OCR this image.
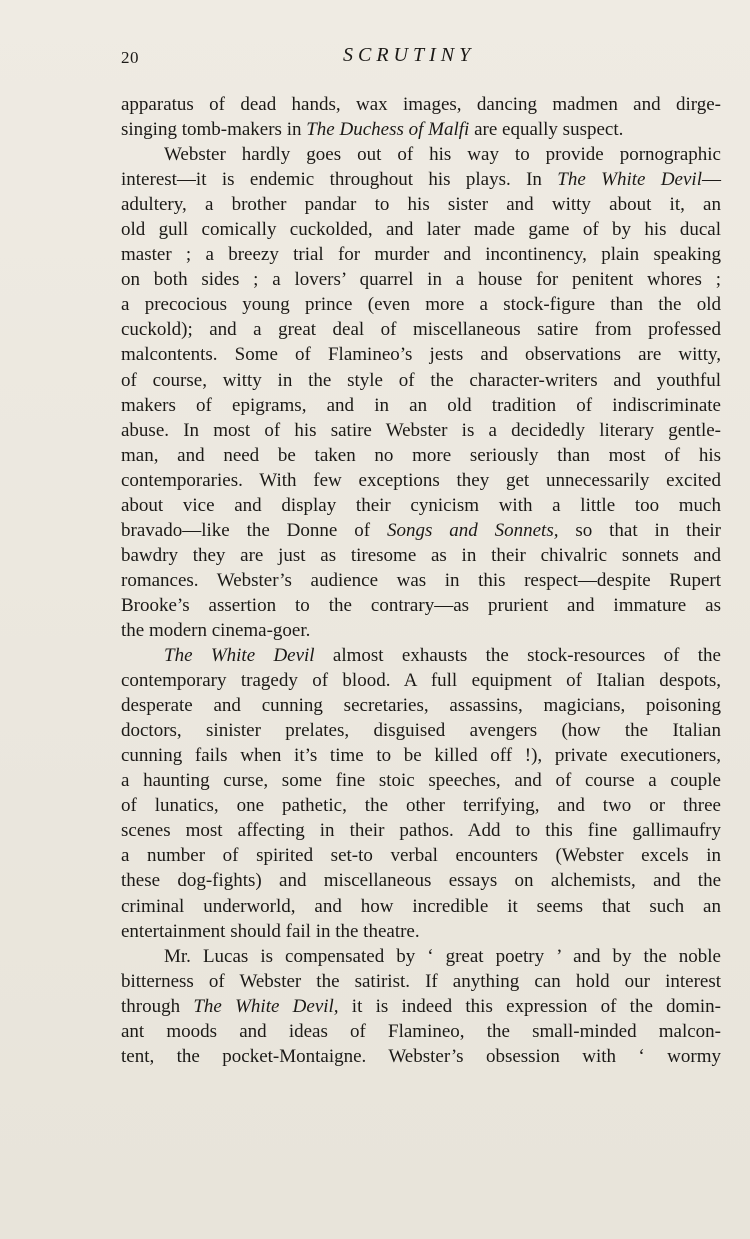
20	SCRUTINY
apparatus of dead hands, wax images, dancing madmen and dirge-
singing tomb-makers in The Duchess of Malfi are equally suspect.
Webster hardly goes out of his way to provide pornographic
interest—it is endemic throughout his plays. In The White Devil—
adultery, a brother pandar to his sister and witty about it, an
old gull comically cuckolded, and later made game of by his ducal
master ; a breezy trial for murder and incontinency, plain speaking
on both sides ; a lovers’ quarrel in a house for penitent whores ;
a precocious young prince (even more a stock-figure than the old
cuckold); and a great deal of miscellaneous satire from professed
malcontents. Some of Flamineo’s jests and observations are witty,
of course, witty in the style of the character-writers and youthful
makers of epigrams, and in an old tradition of indiscriminate
abuse. In most of his satire Webster is a decidedly literary gentle-
man, and need be taken no more seriously than most of his
contemporaries. With few exceptions they get unnecessarily excited
about vice and display their cynicism with a little too much
bravado—like the Donne of Songs and Sonnets, so that in their
bawdry they are just as tiresome as in their chivalric sonnets and
romances. Webster’s audience was in this respect—despite Rupert
Brooke’s assertion to the contrary—as prurient and immature as
the modern cinema-goer.
The White Devil almost exhausts the stock-resources of the
contemporary tragedy of blood. A full equipment of Italian despots,
desperate and cunning secretaries, assassins, magicians, poisoning
doctors, sinister prelates, disguised avengers (how the Italian
cunning fails when it’s time to be killed off !), private executioners,
a haunting curse, some fine stoic speeches, and of course a couple
of lunatics, one pathetic, the other terrifying, and two or three
scenes most affecting in their pathos. Add to this fine gallimaufry
a number of spirited set-to verbal encounters (Webster excels in
these dog-fights) and miscellaneous essays on alchemists, and the
criminal underworld, and how incredible it seems that such an
entertainment should fail in the theatre.
Mr. Lucas is compensated by ‘ great poetry ’ and by the noble
bitterness of Webster the satirist. If anything can hold our interest
through The White Devil, it is indeed this expression of the domin-
ant moods and ideas of Flamineo, the small-minded malcon-
tent, the pocket-Montaigne. Webster’s obsession with ‘ wormy
